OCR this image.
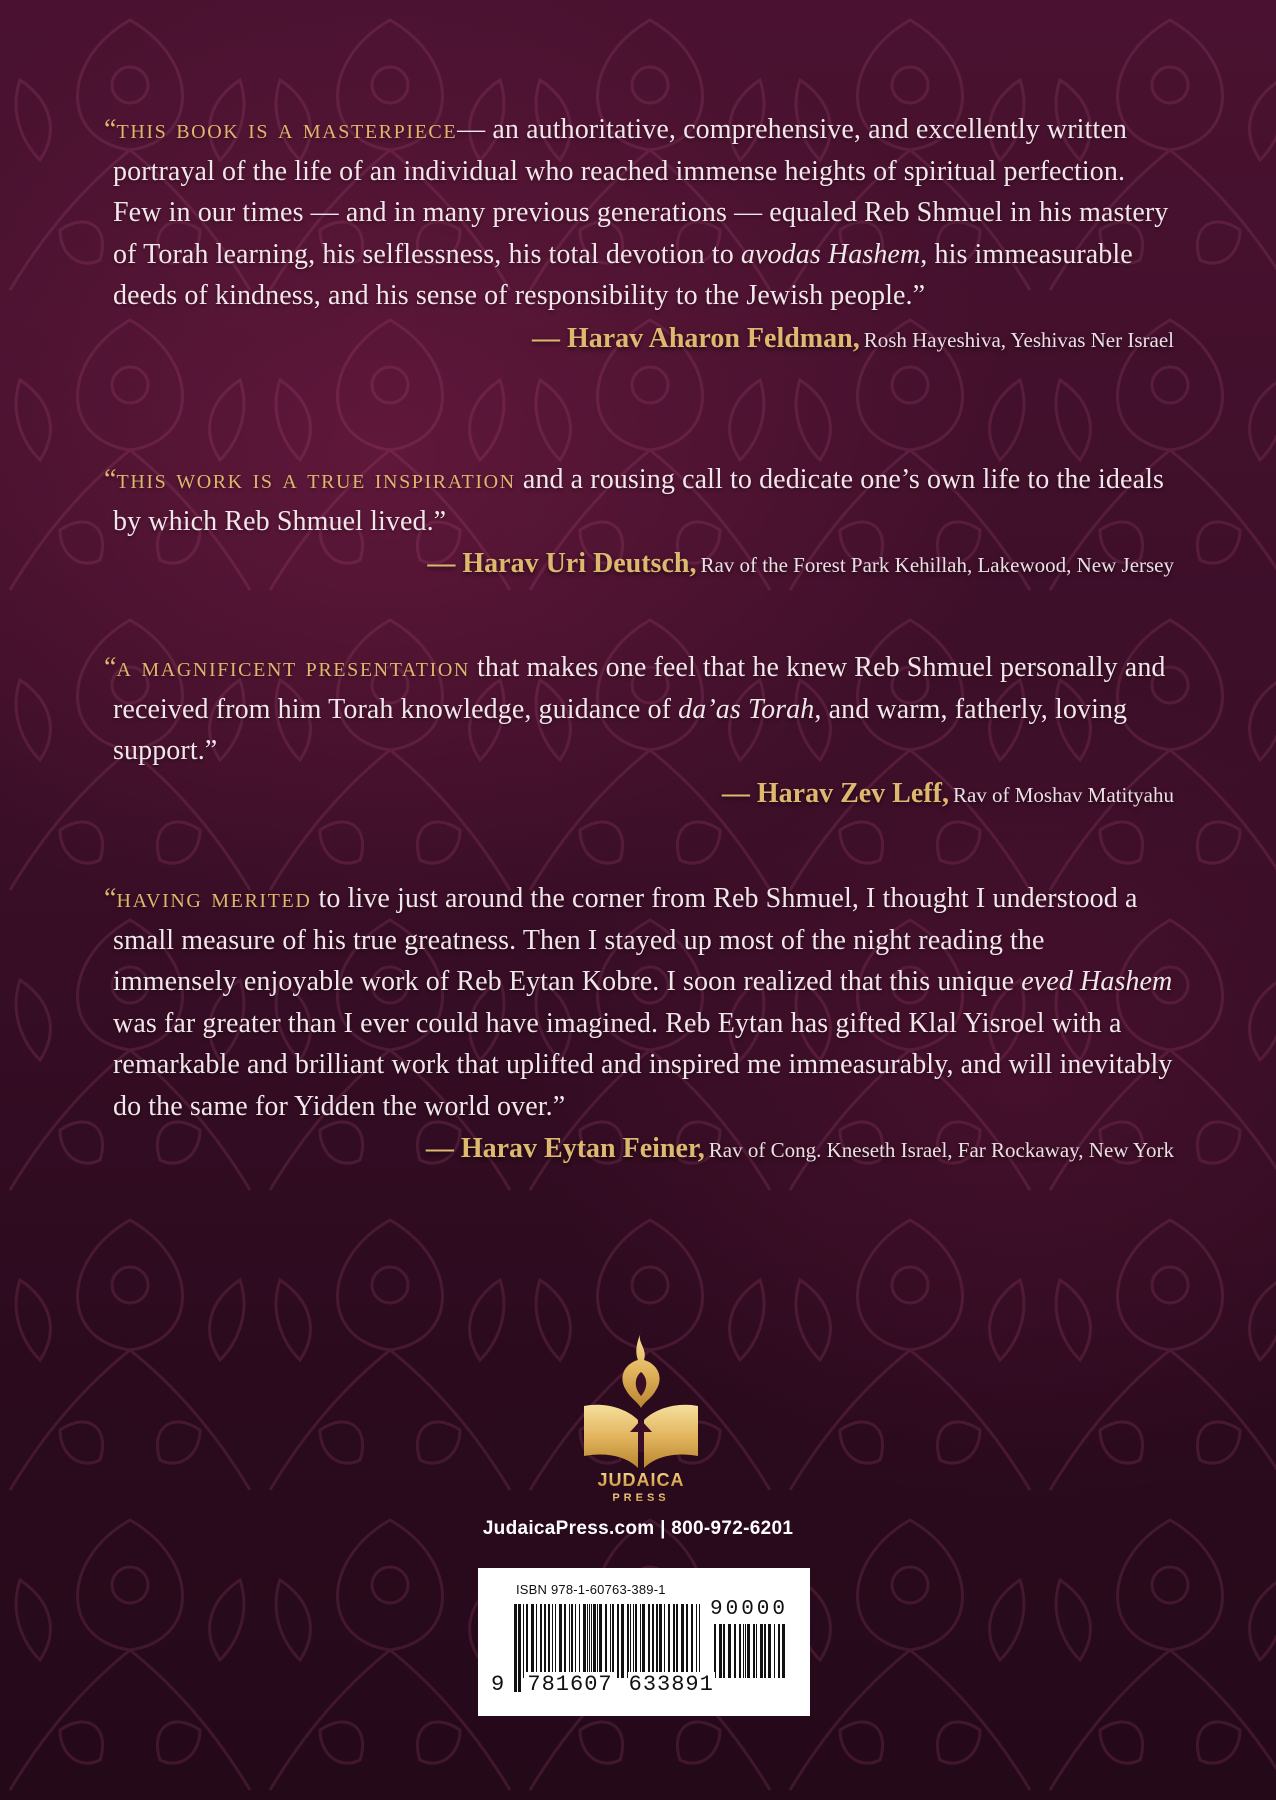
“this book is a masterpiece— an authoritative, comprehensive, and excellently written portrayal of the life of an individual who reached immense heights of spiritual perfection. Few in our times — and in many previous generations — equaled Reb Shmuel in his mastery of Torah learning, his selflessness, his total devotion to avodas Hashem, his immeasurable deeds of kindness, and his sense of responsibility to the Jewish people.”

— Harav Aharon Feldman, Rosh Hayeshiva, Yeshivas Ner Israel

“this work is a true inspiration and a rousing call to dedicate one’s own life to the ideals by which Reb Shmuel lived.”

— Harav Uri Deutsch, Rav of the Forest Park Kehillah, Lakewood, New Jersey

“a magnificent presentation that makes one feel that he knew Reb Shmuel personally and received from him Torah knowledge, guidance of da’as Torah, and warm, fatherly, loving support.”

— Harav Zev Leff, Rav of Moshav Matityahu

“having merited to live just around the corner from Reb Shmuel, I thought I understood a small measure of his true greatness. Then I stayed up most of the night reading the immensely enjoyable work of Reb Eytan Kobre. I soon realized that this unique eved Hashem was far greater than I ever could have imagined. Reb Eytan has gifted Klal Yisroel with a remarkable and brilliant work that uplifted and inspired me immeasurably, and will inevitably do the same for Yidden the world over.”

— Harav Eytan Feiner, Rav of Cong. Kneseth Israel, Far Rockaway, New York
JUDAICA
PRESS
JudaicaPress.com | 800-972-6201
ISBN 978-1-60763-389-1
90000
9 781607 633891
